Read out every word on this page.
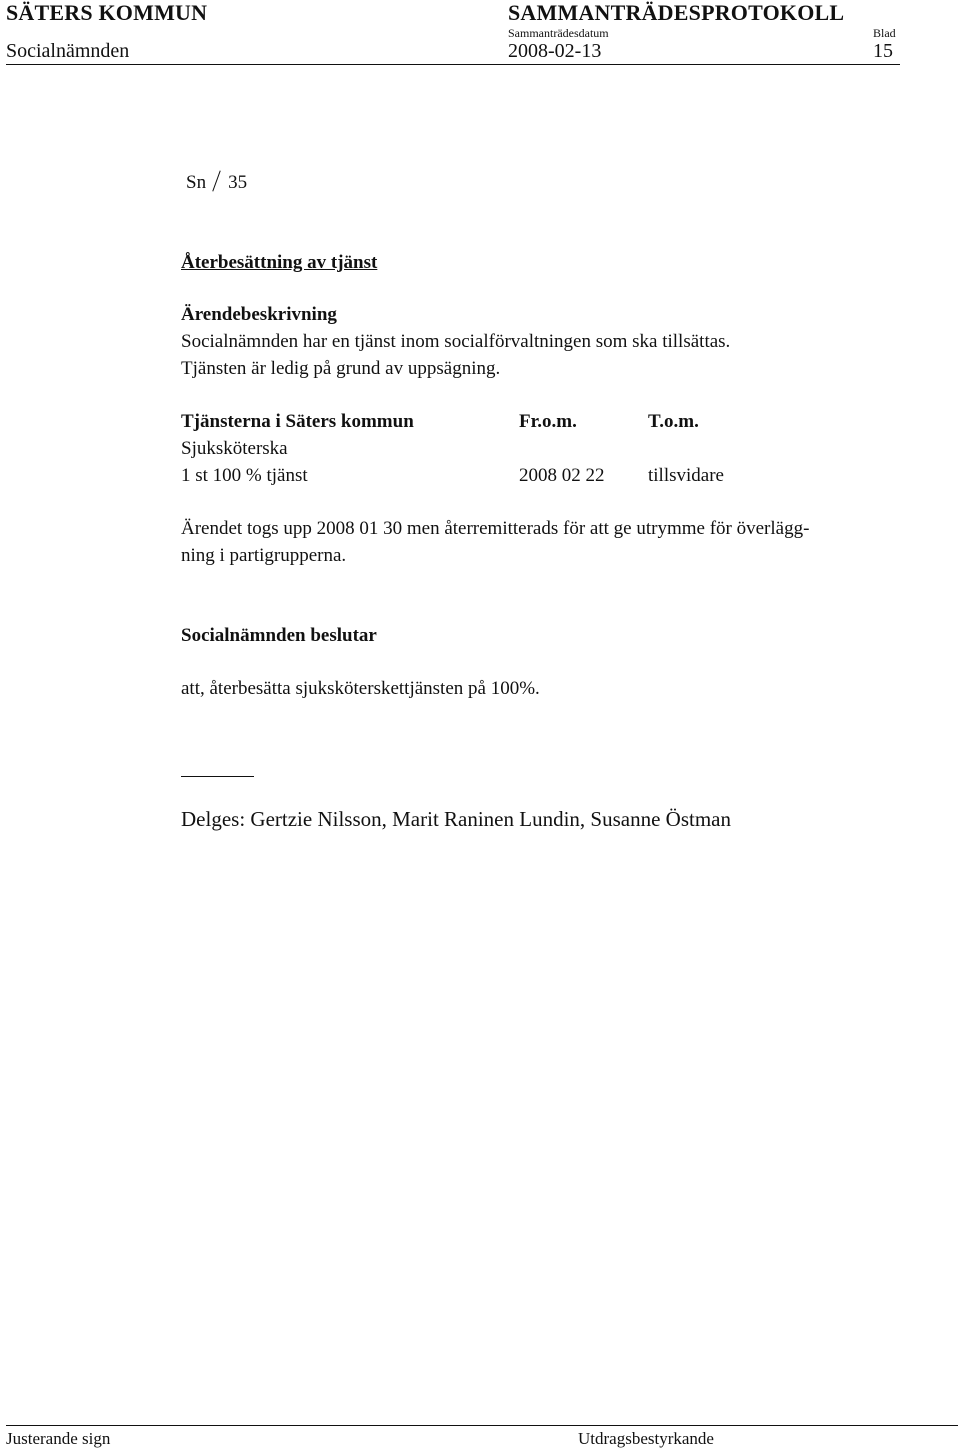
SÄTERS KOMMUN	SAMMANTRÄDESPROTOKOLL
Socialnämnden
Sammanträdesdatum
2008-02-13
Blad
15
Sn 35
Återbesättning av tjänst
Ärendebeskrivning
Socialnämnden har en tjänst inom socialförvaltningen som ska tillsättas.
Tjänsten är ledig på grund av uppsägning.
Tjänsterna i Säters kommun	Fr.o.m.	T.o.m.
Sjuksköterska
1 st 100 % tjänst	2008 02 22 tillsvidare
Ärendet togs upp 2008 01 30 men återremitterads för att ge utrymme för överlägg-
ning i partigrupperna.
Socialnämnden beslutar
att, återbesätta sjuksköterskettjänsten på 100%.
Delges: Gertzie Nilsson, Marit Raninen Lundin, Susanne Östman
Justerande sign	Utdragsbestyrkande
